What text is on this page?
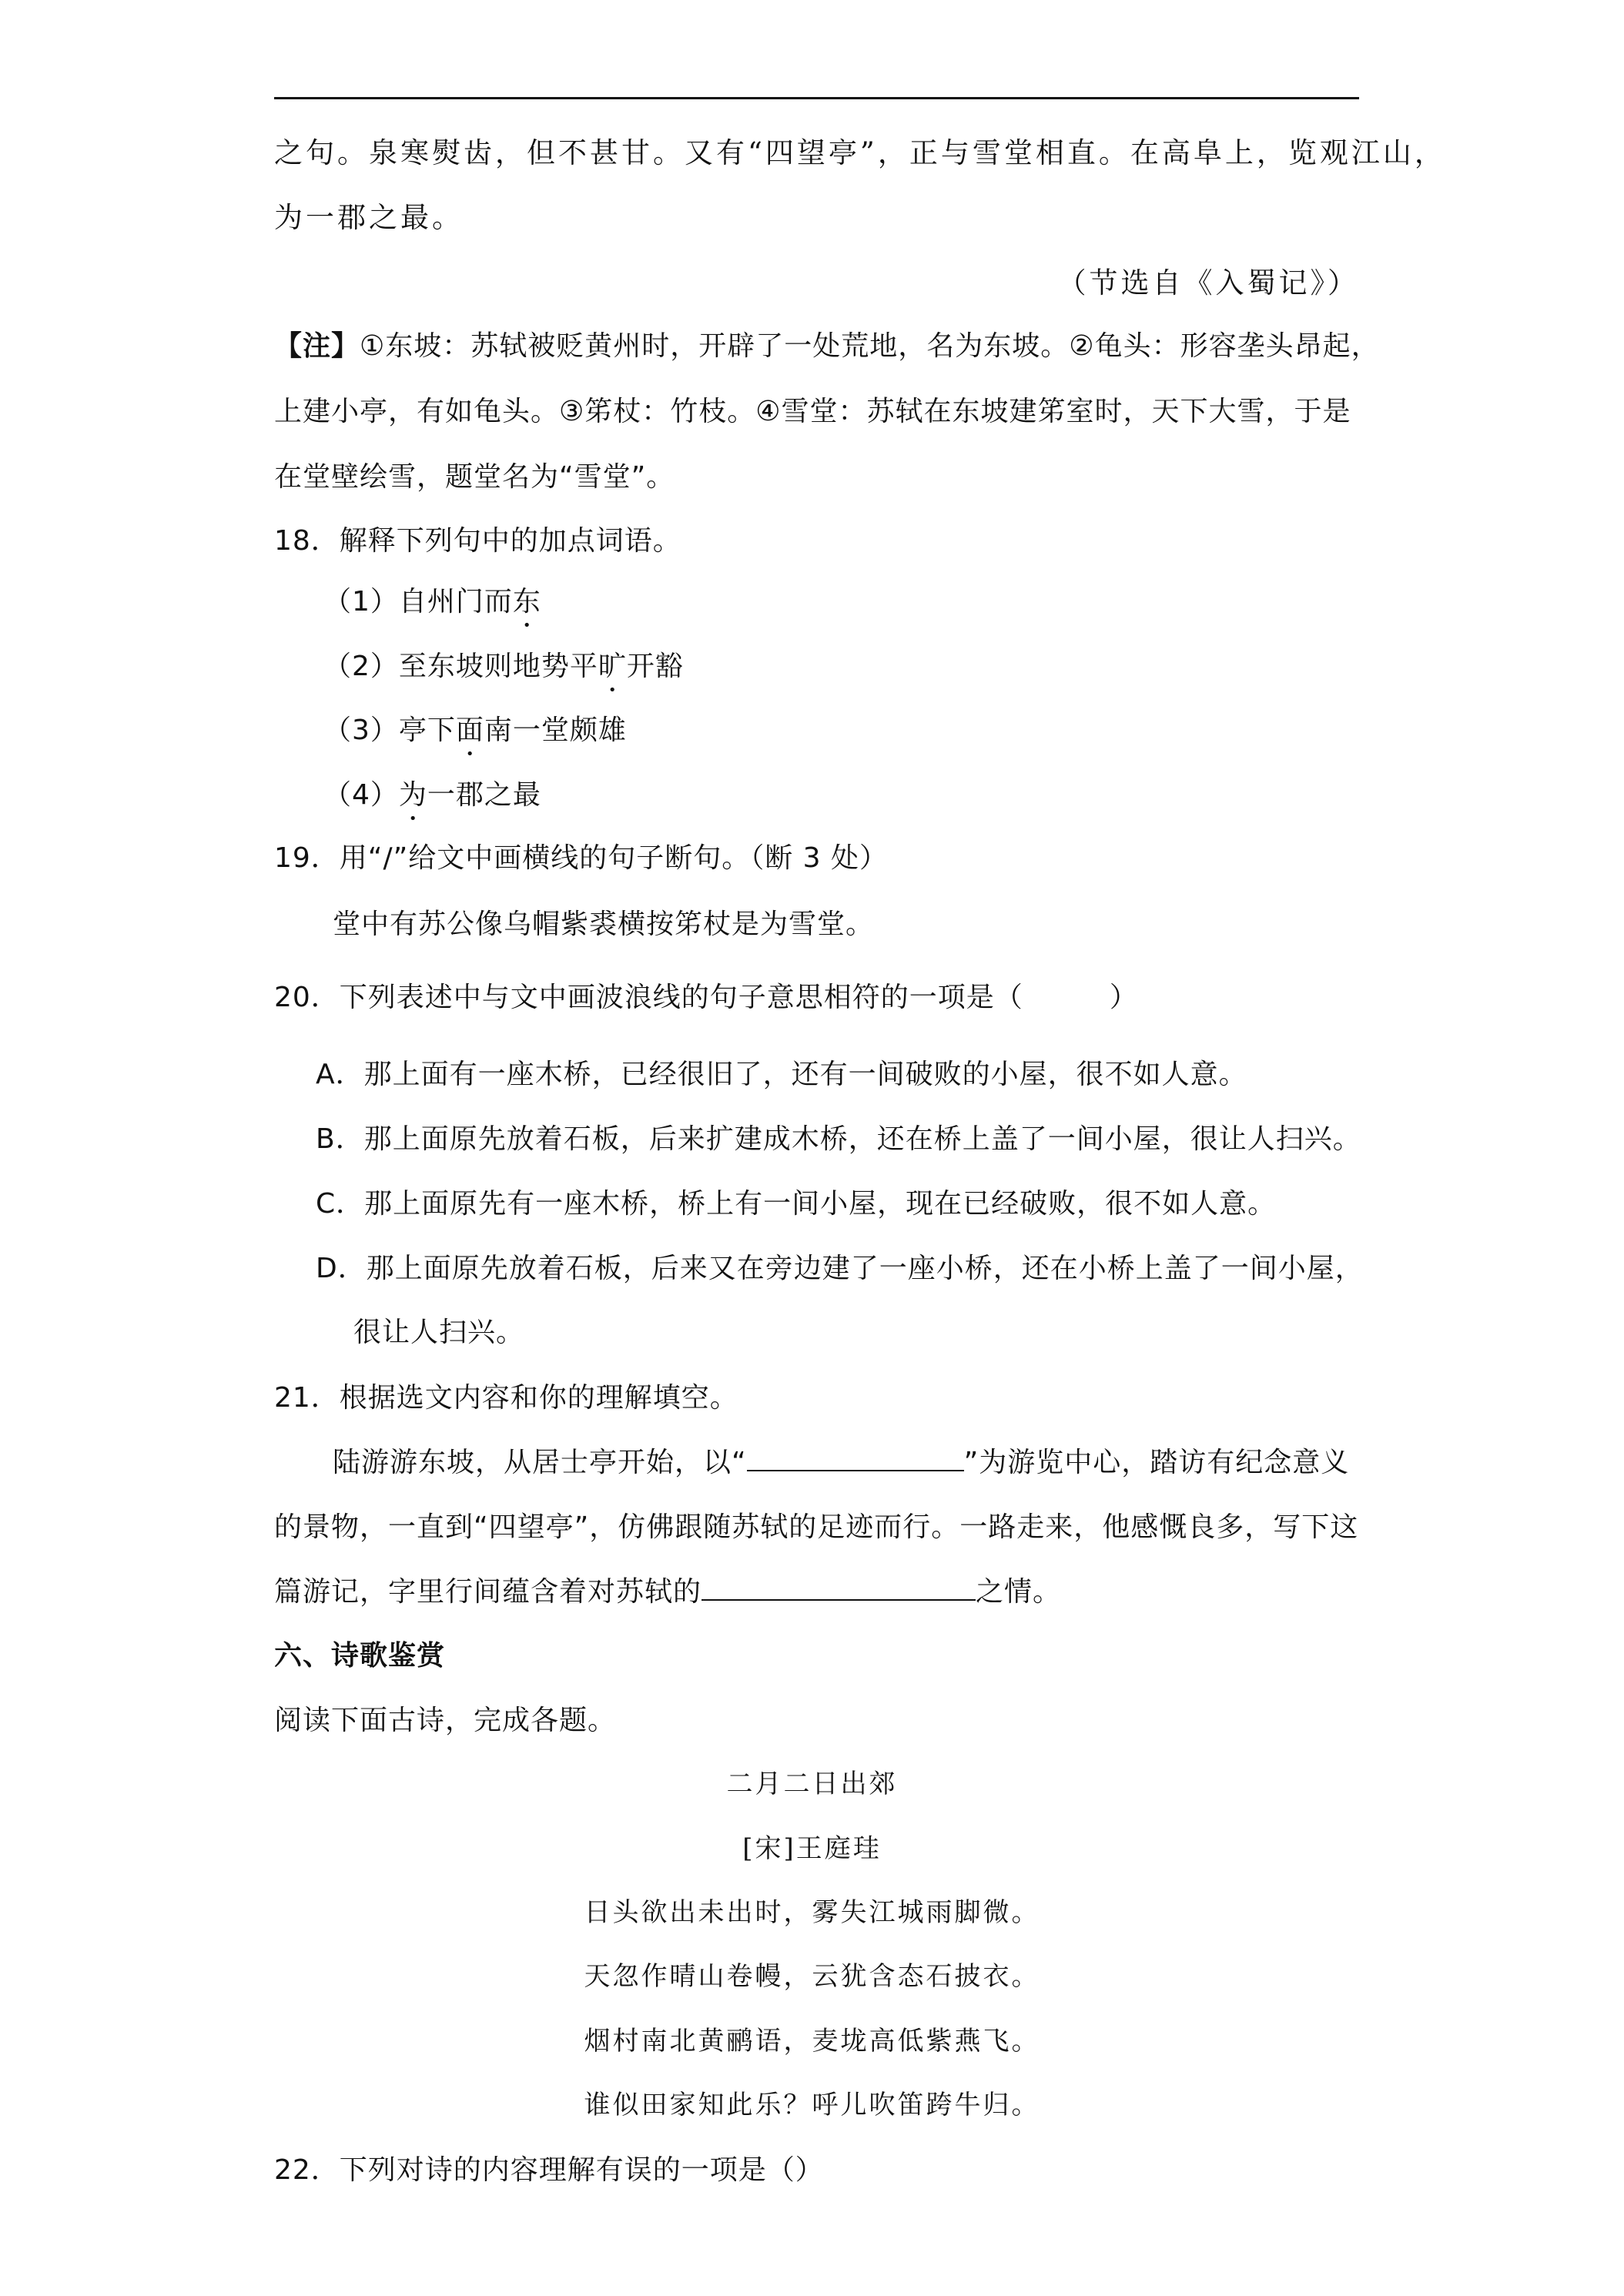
之句。泉寒熨齿，但不甚甘。又有“四望亭”，正与雪堂相直。在高阜上，览观江山，
为一郡之最。
（节选自《入蜀记》）
【注】①东坡：苏轼被贬黄州时，开辟了一处荒地，名为东坡。②龟头：形容垄头昂起，
上建小亭，有如龟头。③笫杖：竹枝。④雪堂：苏轼在东坡建笫室时，天下大雪，于是
在堂壁绘雪，题堂名为“雪堂”。
18．解释下列句中的加点词语。
（1）自州门而东
（2）至东坡则地势平旷开豁
（3）亭下面南一堂颇雄
（4）为一郡之最
19．用“/”给文中画横线的句子断句。（断 3 处）
堂中有苏公像乌帽紫裘横按笫杖是为雪堂。
20．下列表述中与文中画波浪线的句子意思相符的一项是（	）
A．那上面有一座木桥，已经很旧了，还有一间破败的小屋，很不如人意。
B．那上面原先放着石板，后来扩建成木桥，还在桥上盖了一间小屋，很让人扫兴。
C．那上面原先有一座木桥，桥上有一间小屋，现在已经破败，很不如人意。
D．那上面原先放着石板，后来又在旁边建了一座小桥，还在小桥上盖了一间小屋，
很让人扫兴。
21．根据选文内容和你的理解填空。
陆游游东坡，从居士亭开始，以“	”为游览中心，踏访有纪念意义
的景物，一直到“四望亭”，仿佛跟随苏轼的足迹而行。一路走来，他感慨良多，写下这
篇游记，字里行间蕴含着对苏轼的	之情。
六、诗歌鉴赏
阅读下面古诗，完成各题。
二月二日出郊
[宋]王庭珪
日头欲出未出时，雾失江城雨脚微。
天忽作晴山卷幔，云犹含态石披衣。
烟村南北黄鹂语，麦垅高低紫燕飞。
谁似田家知此乐？呼儿吹笛跨牛归。
22．下列对诗的内容理解有误的一项是（）
